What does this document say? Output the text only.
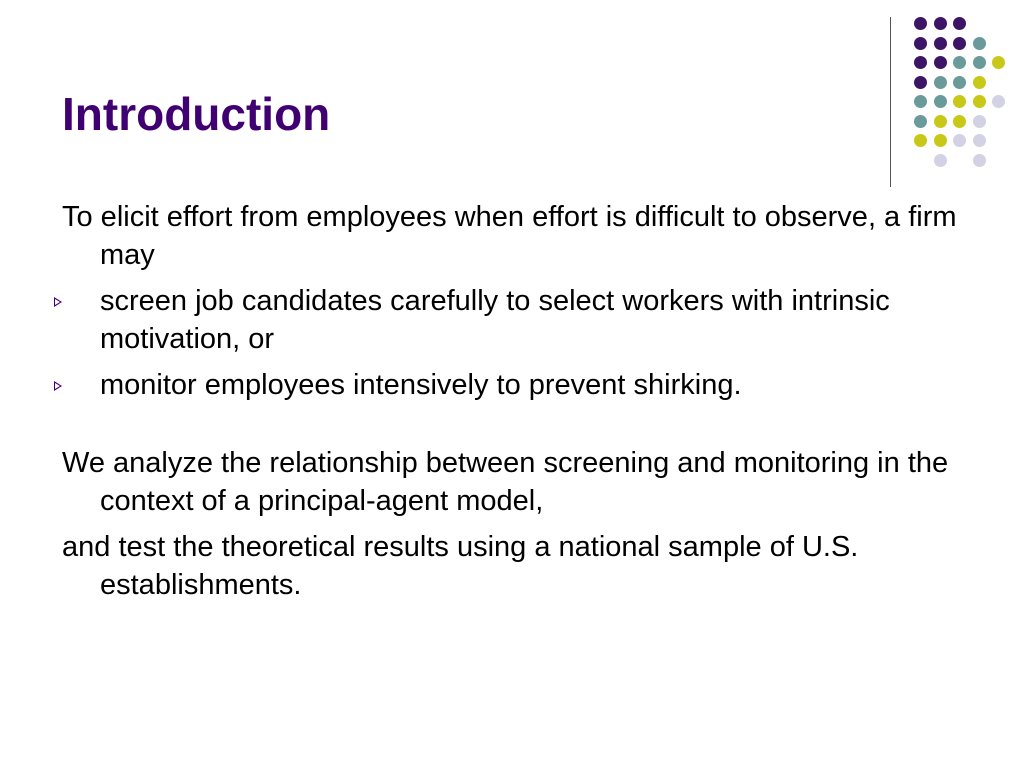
Introduction

To elicit effort from employees when effort is difficult to observe, a firm may

screen job candidates carefully to select workers with intrinsic motivation, or

monitor employees intensively to prevent shirking.

We analyze the relationship between screening and monitoring in the context of a principal-agent model,

and test the theoretical results using a national sample of U.S. establishments.
